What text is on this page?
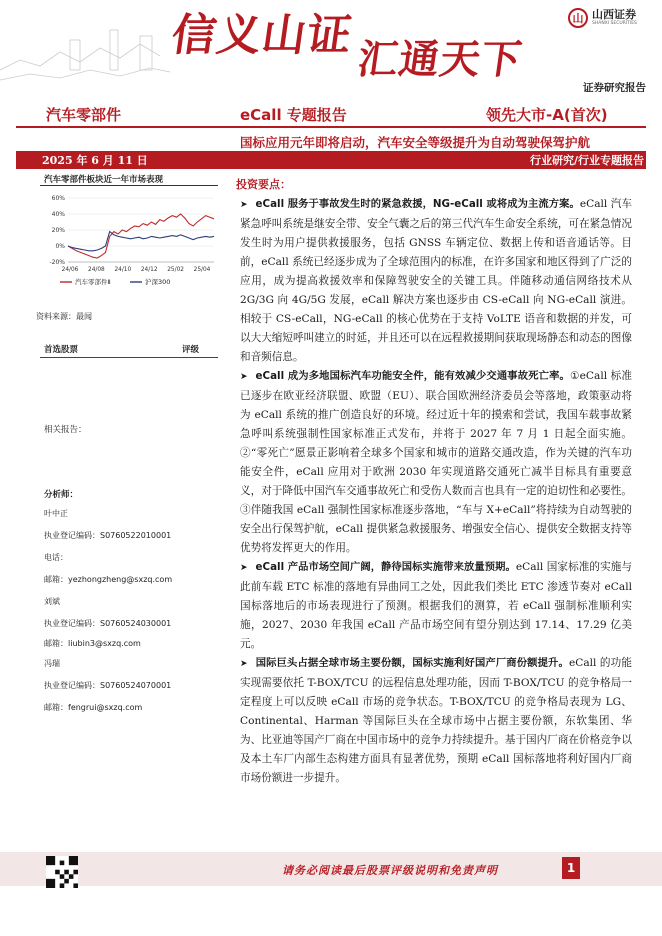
信义山证 汇通天下
山 山西证券
SHANXI SECURITIES
证券研究报告
汽车零部件	eCall 专题报告	领先大市-A(首次)
国标应用元年即将启动，汽车安全等级提升为自动驾驶保驾护航
2025 年 6 月 11 日	行业研究/行业专题报告
汽车零部件板块近一年市场表现
60%
40%
20%
0%
-20%
24/06 24/08 24/10 24/12 25/02 25/04
汽车零部件Ⅱ	沪深300
资料来源：最闻
首选股票	评级
相关报告：
分析师：
叶中正
执业登记编码：S0760522010001
电话：
邮箱：yezhongzheng@sxzq.com
刘斌
执业登记编码：S0760524030001
邮箱：liubin3@sxzq.com
冯瑞
执业登记编码：S0760524070001
邮箱：fengrui@sxzq.com
投资要点：

➤ eCall 服务于事故发生时的紧急救援，NG-eCall 或将成为主流方案。eCall 汽车紧急呼叫系统是继安全带、安全气囊之后的第三代汽车生命安全系统，可在紧急情况发生时为用户提供救援服务，包括 GNSS 车辆定位、数据上传和语音通话等。目前，eCall 系统已经逐步成为了全球范围内的标准，在许多国家和地区得到了广泛的应用，成为提高救援效率和保障驾驶安全的关键工具。伴随移动通信网络技术从 2G/3G 向 4G/5G 发展，eCall 解决方案也逐步由 CS-eCall 向 NG-eCall 演进。相较于 CS-eCall，NG-eCall 的核心优势在于支持 VoLTE 语音和数据的并发，可以大大缩短呼叫建立的时延，并且还可以在远程救援期间获取现场静态和动态的图像和音频信息。

➤ eCall 成为多地国标汽车功能安全件，能有效减少交通事故死亡率。①eCall 标准已逐步在欧亚经济联盟、欧盟（EU）、联合国欧洲经济委员会等落地，政策驱动将为 eCall 系统的推广创造良好的环境。经过近十年的摸索和尝试，我国车载事故紧急呼叫系统强制性国家标准正式发布，并将于 2027 年 7 月 1 日起全面实施。②“零死亡”愿景正影响着全球多个国家和城市的道路交通改造，作为关键的汽车功能安全件，eCall 应用对于欧洲 2030 年实现道路交通死亡减半目标具有重要意义，对于降低中国汽车交通事故死亡和受伤人数而言也具有一定的迫切性和必要性。③伴随我国 eCall 强制性国家标准逐步落地，“车与 X+eCall”将持续为自动驾驶的安全出行保驾护航，eCall 提供紧急救援服务、增强安全信心、提供安全数据支持等优势将发挥更大的作用。

➤ eCall 产品市场空间广阔，静待国标实施带来放量预期。eCall 国家标准的实施与此前车载 ETC 标准的落地有异曲同工之处，因此我们类比 ETC 渗透节奏对 eCall 国标落地后的市场表现进行了预测。根据我们的测算，若 eCall 强制标准顺利实施，2027、2030 年我国 eCall 产品市场空间有望分别达到 17.14、17.29 亿美元。

➤ 国际巨头占据全球市场主要份额，国标实施利好国产厂商份额提升。eCall 的功能实现需要依托 T-BOX/TCU 的远程信息处理功能，因而 T-BOX/TCU 的竞争格局一定程度上可以反映 eCall 市场的竞争状态。T-BOX/TCU 的竞争格局表现为 LG、Continental、Harman 等国际巨头在全球市场中占据主要份额，东软集团、华为、比亚迪等国产厂商在中国市场中的竞争力持续提升。基于国内厂商在价格竞争以及本土车厂内部生态构建方面具有显著优势，预期 eCall 国标落地将利好国内厂商市场份额进一步提升。

请务必阅读最后股票评级说明和免责声明	1
